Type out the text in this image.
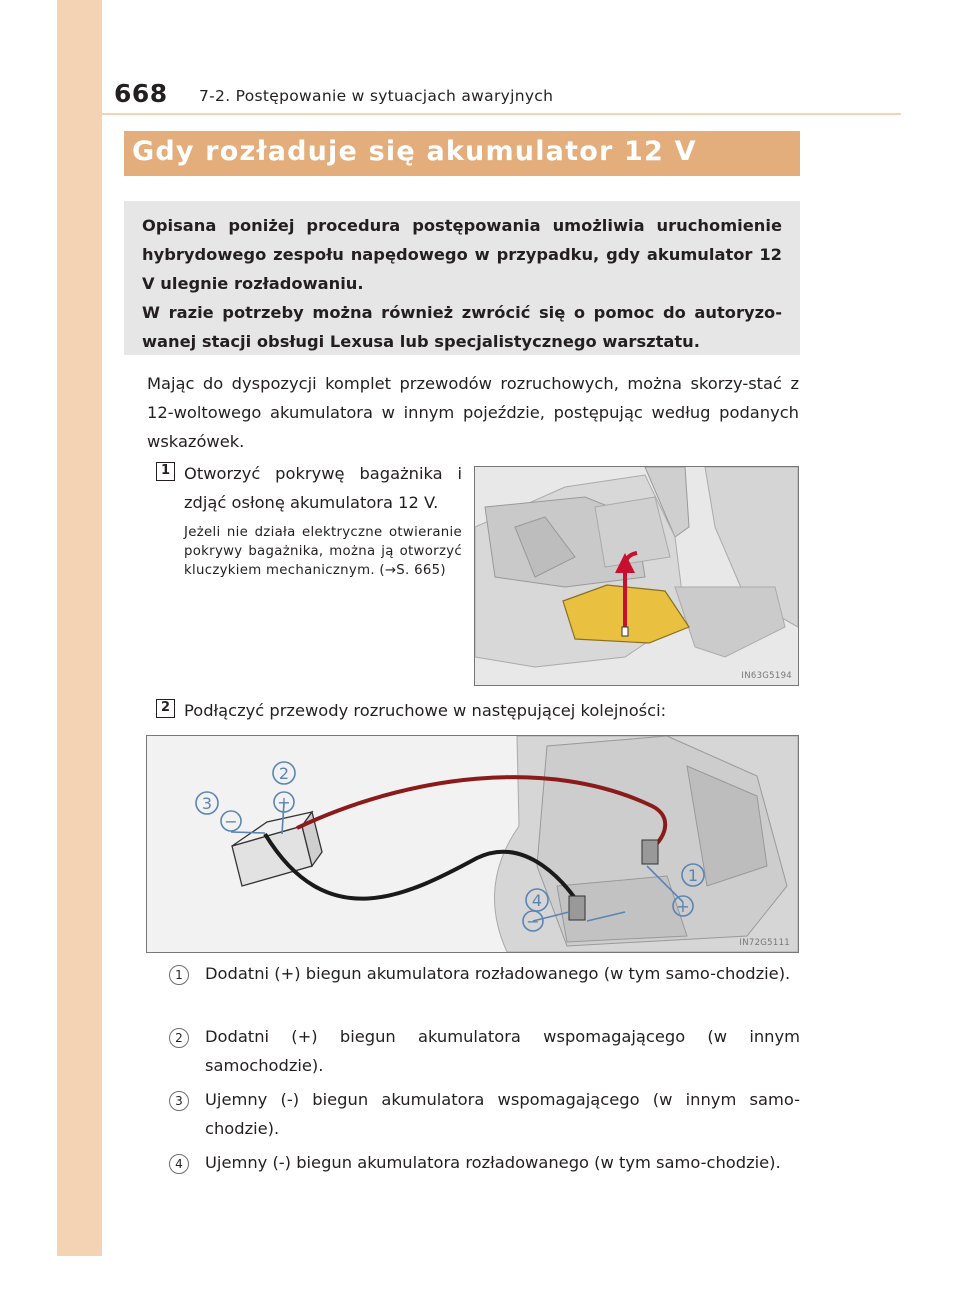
668 7-2. Postępowanie w sytuacjach awaryjnych
Gdy rozładuje się akumulator 12 V

Opisana poniżej procedura postępowania umożliwia uruchomienie hybrydowego zespołu napędowego w przypadku, gdy akumulator 12 V ulegnie rozładowaniu.

W razie potrzeby można również zwrócić się o pomoc do autoryzo-wanej stacji obsługi Lexusa lub specjalistycznego warsztatu.

Mając do dyspozycji komplet przewodów rozruchowych, można skorzy-stać z 12-woltowego akumulatora w innym pojeździe, postępując według podanych wskazówek.

1 Otworzyć pokrywę bagażnika i zdjąć osłonę akumulatora 12 V.

Jeżeli nie działa elektryczne otwieranie pokrywy bagażnika, można ją otworzyć kluczykiem mechanicznym. (→S. 665)

IN63G5194
2 Podłączyć przewody rozruchowe w następującej kolejności:

1
+
2
+
3
−
4
−
IN72G5111
1	Dodatni (+) biegun akumulatora rozładowanego (w tym samo-chodzie).

2	Dodatni (+) biegun akumulatora wspomagającego (w innym samochodzie).

3	Ujemny (-) biegun akumulatora wspomagającego (w innym samo-chodzie).

4	Ujemny (-) biegun akumulatora rozładowanego (w tym samo-chodzie).
